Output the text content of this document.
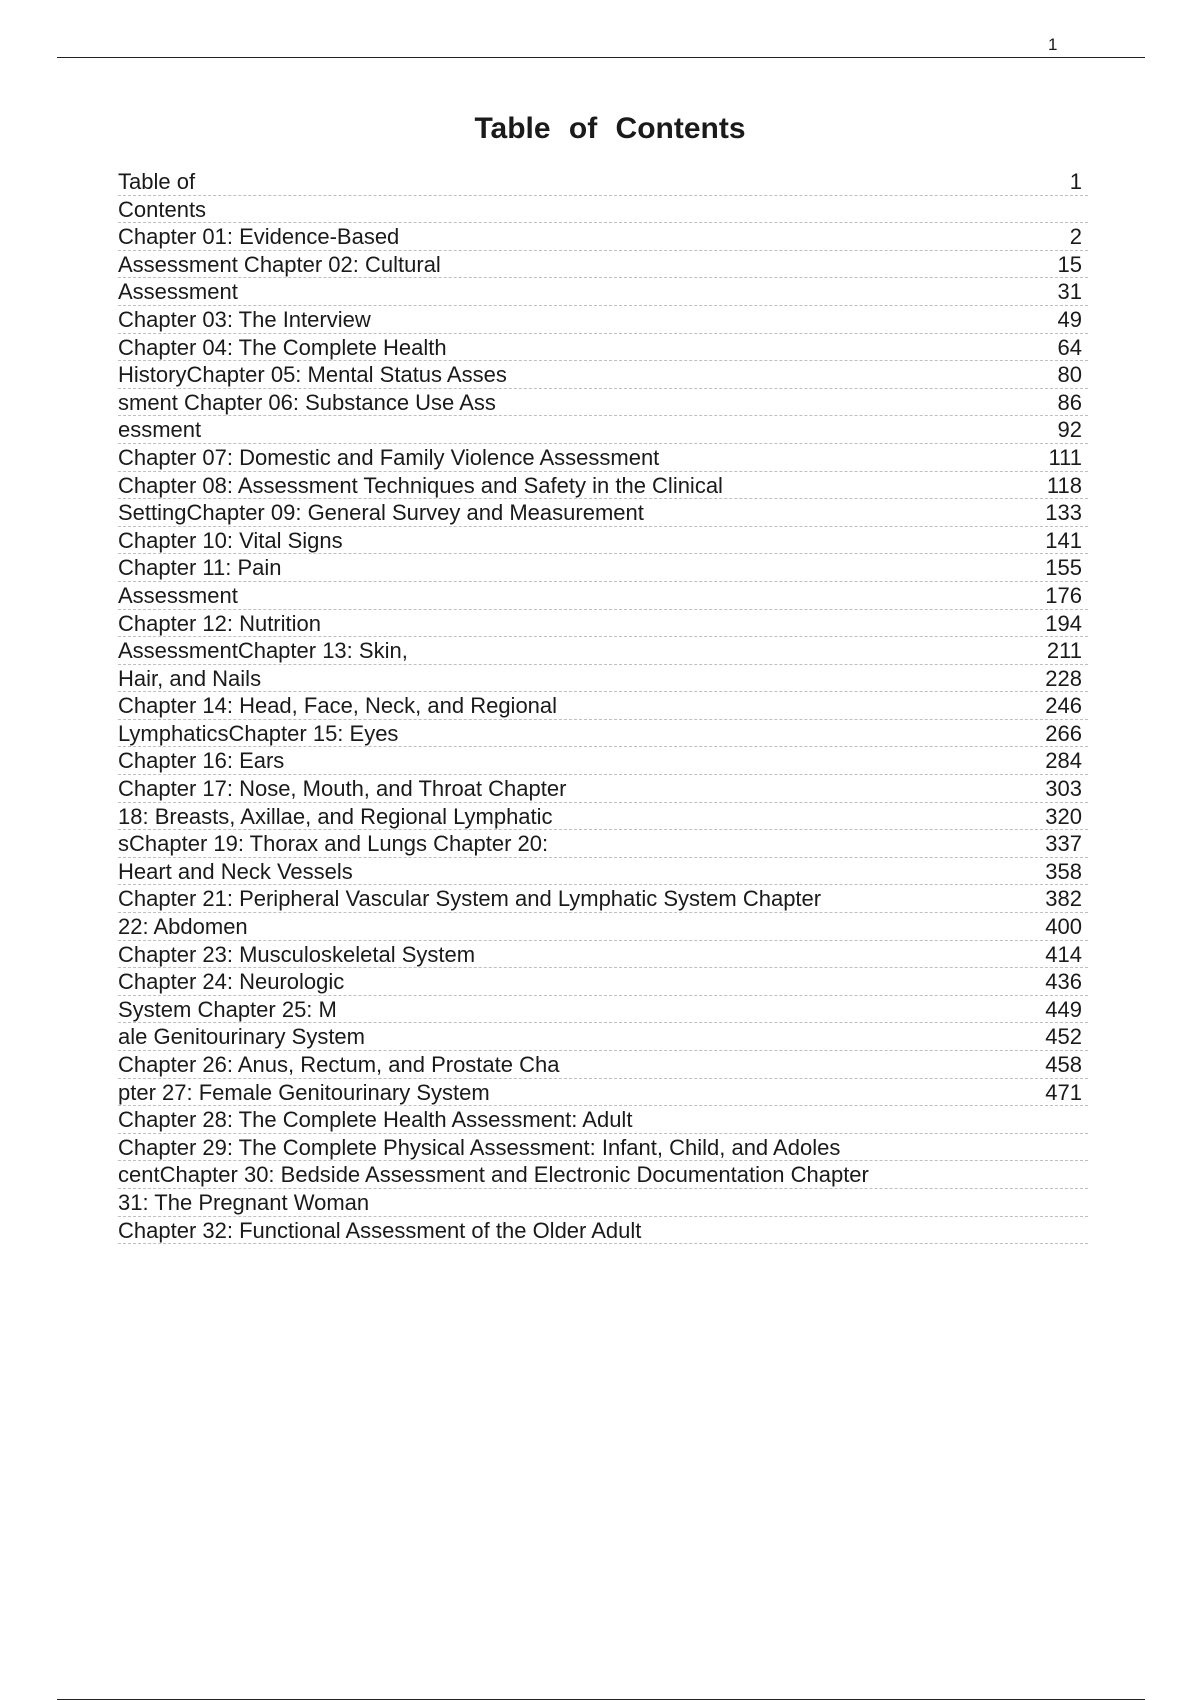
1
Table of Contents
Table of
Contents
Chapter 01: Evidence-Based
Assessment Chapter 02: Cultural
Assessment
Chapter 03: The Interview
Chapter 04: The Complete Health
HistoryChapter 05: Mental Status Asses
sment Chapter 06: Substance Use Ass
essment
Chapter 07: Domestic and Family Violence Assessment
Chapter 08: Assessment Techniques and Safety in the Clinical
SettingChapter 09: General Survey and Measurement
Chapter 10: Vital Signs
Chapter 11: Pain
Assessment
Chapter 12: Nutrition
AssessmentChapter 13: Skin,
Hair, and Nails
Chapter 14: Head, Face, Neck, and Regional
LymphaticsChapter 15: Eyes
Chapter 16: Ears
Chapter 17: Nose, Mouth, and Throat Chapter
18: Breasts, Axillae, and Regional Lymphatic
sChapter 19: Thorax and Lungs Chapter 20:
Heart and Neck Vessels
Chapter 21: Peripheral Vascular System and Lymphatic System Chapter
22: Abdomen
Chapter 23: Musculoskeletal System
Chapter 24: Neurologic
System Chapter 25: M
ale Genitourinary System
Chapter 26: Anus, Rectum, and Prostate Cha
pter 27: Female Genitourinary System
Chapter 28: The Complete Health Assessment: Adult
Chapter 29: The Complete Physical Assessment: Infant, Child, and Adoles
centChapter 30: Bedside Assessment and Electronic Documentation Chapter
31: The Pregnant Woman
Chapter 32: Functional Assessment of the Older Adult
1
2
15
31
49
64
80
86
92
111
118
133
141
155
176
194
211
228
246
266
284
303
320
337
358
382
400
414
436
449
452
458
471
